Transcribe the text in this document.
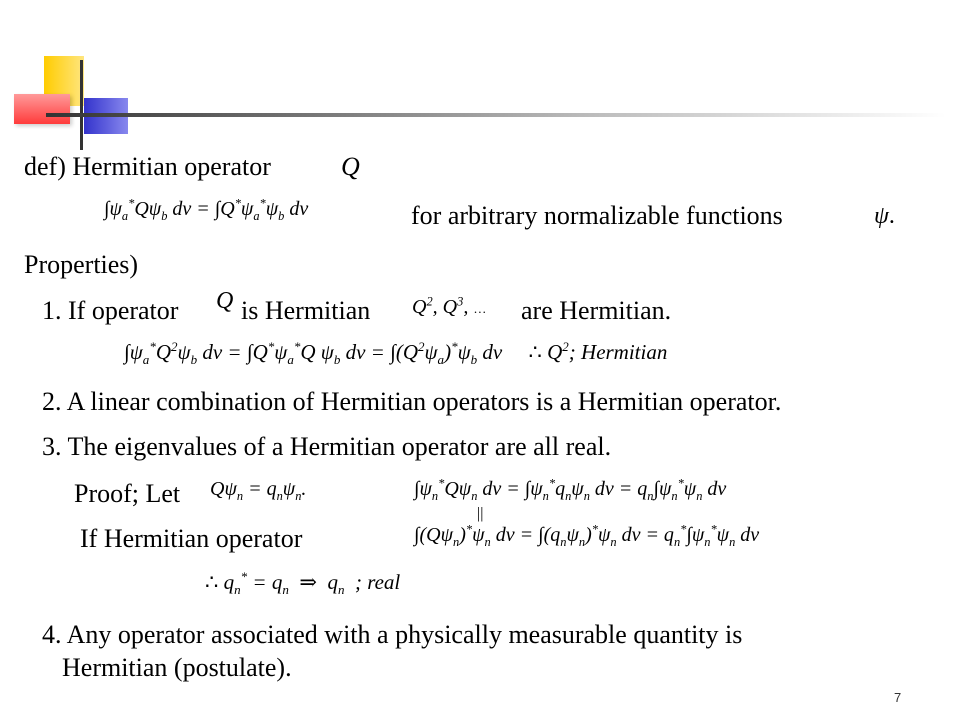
def) Hermitian operator	Q
$\int\psi_a^*Q\psi_b$ dv = $\int Q^*\psi_a^*\psi_b$ dv	for arbitrary normalizable functions	ψ.
Properties)
1. If operator Q is Hermitian $Q^2$, $Q^3$, … are Hermitian.
$\int\psi_a^*Q^2\psi_b$ dv = $\int Q^*\psi_a^*Q$ $\psi_b$ dv = $\int(Q^2\psi_a)^*\psi_b$ dv     ∴ $Q^2$; Hermitian
2. A linear combination of Hermitian operators is a Hermitian operator.
3. The eigenvalues of a Hermitian operator are all real.
Proof; Let $Q\psi_n = q_n\psi_n$.	$\int\psi_n^*Q\psi_n$ dv = $\int\psi_n^*q_n\psi_n$ dv = $q_n\int\psi_n^*\psi_n$ dv
||
If Hermitian operator	$\int(Q\psi_n)^*\psi_n$ dv = $\int(q_n\psi_n)^*\psi_n$ dv = $q_n^*\int\psi_n^*\psi_n$ dv
∴ $q_n^* = q_n$ ⇒  $q_n$  ; real
4. Any operator associated with a physically measurable quantity is
Hermitian (postulate).
7
